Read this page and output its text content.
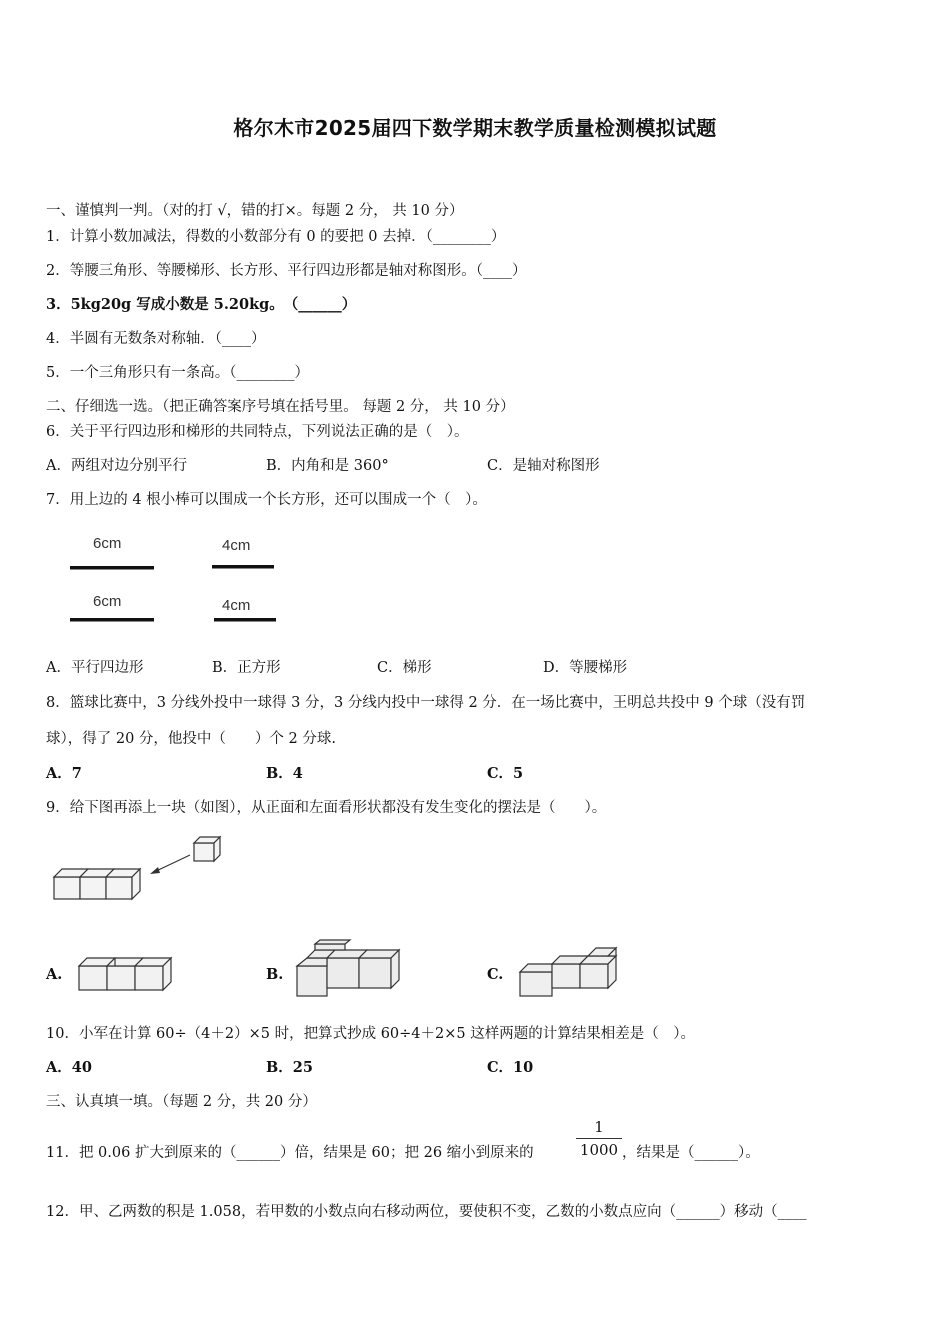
格尔木市2025届四下数学期末教学质量检测模拟试题
一、谨慎判一判。（对的打 √，错的打×。每题 2 分， 共 10 分）
1．计算小数加减法，得数的小数部分有 0 的要把 0 去掉．（________）
2．等腰三角形、等腰梯形、长方形、平行四边形都是轴对称图形。（____）
3．5kg20g 写成小数是 5.20kg。　（______）
4．半圆有无数条对称轴．（____）
5．一个三角形只有一条高。（________）
二、仔细选一选。（把正确答案序号填在括号里。 每题 2 分， 共 10 分）
6．关于平行四边形和梯形的共同特点，下列说法正确的是（　）。
A．两组对边分别平行	B．内角和是 360°	C．是轴对称图形
7．用上边的 4 根小棒可以围成一个长方形，还可以围成一个（　）。
6cm	4cm
6cm	4cm
A．平行四边形	B．正方形	C．梯形	D．等腰梯形
8．篮球比赛中，3 分线外投中一球得 3 分，3 分线内投中一球得 2 分．在一场比赛中，王明总共投中 9 个球（没有罚
球），得了 20 分，他投中（　　）个 2 分球.
A．7	B．4	C．5
9．给下图再添上一块（如图），从正面和左面看形状都没有发生变化的摆法是（　　）。
A.	B.	C.
10．小军在计算 60÷（4＋2）×5 时，把算式抄成 60÷4＋2×5 这样两题的计算结果相差是（　）。
A．40	B．25	C．10
三、认真填一填。（每题 2 分，共 20 分）
11．把 0.06 扩大到原来的（______）倍，结果是 60；把 26 缩小到原来的
1
1000 ，结果是（______）。
12．甲、乙两数的积是 1.058，若甲数的小数点向右移动两位，要使积不变，乙数的小数点应向（______）移动（____
